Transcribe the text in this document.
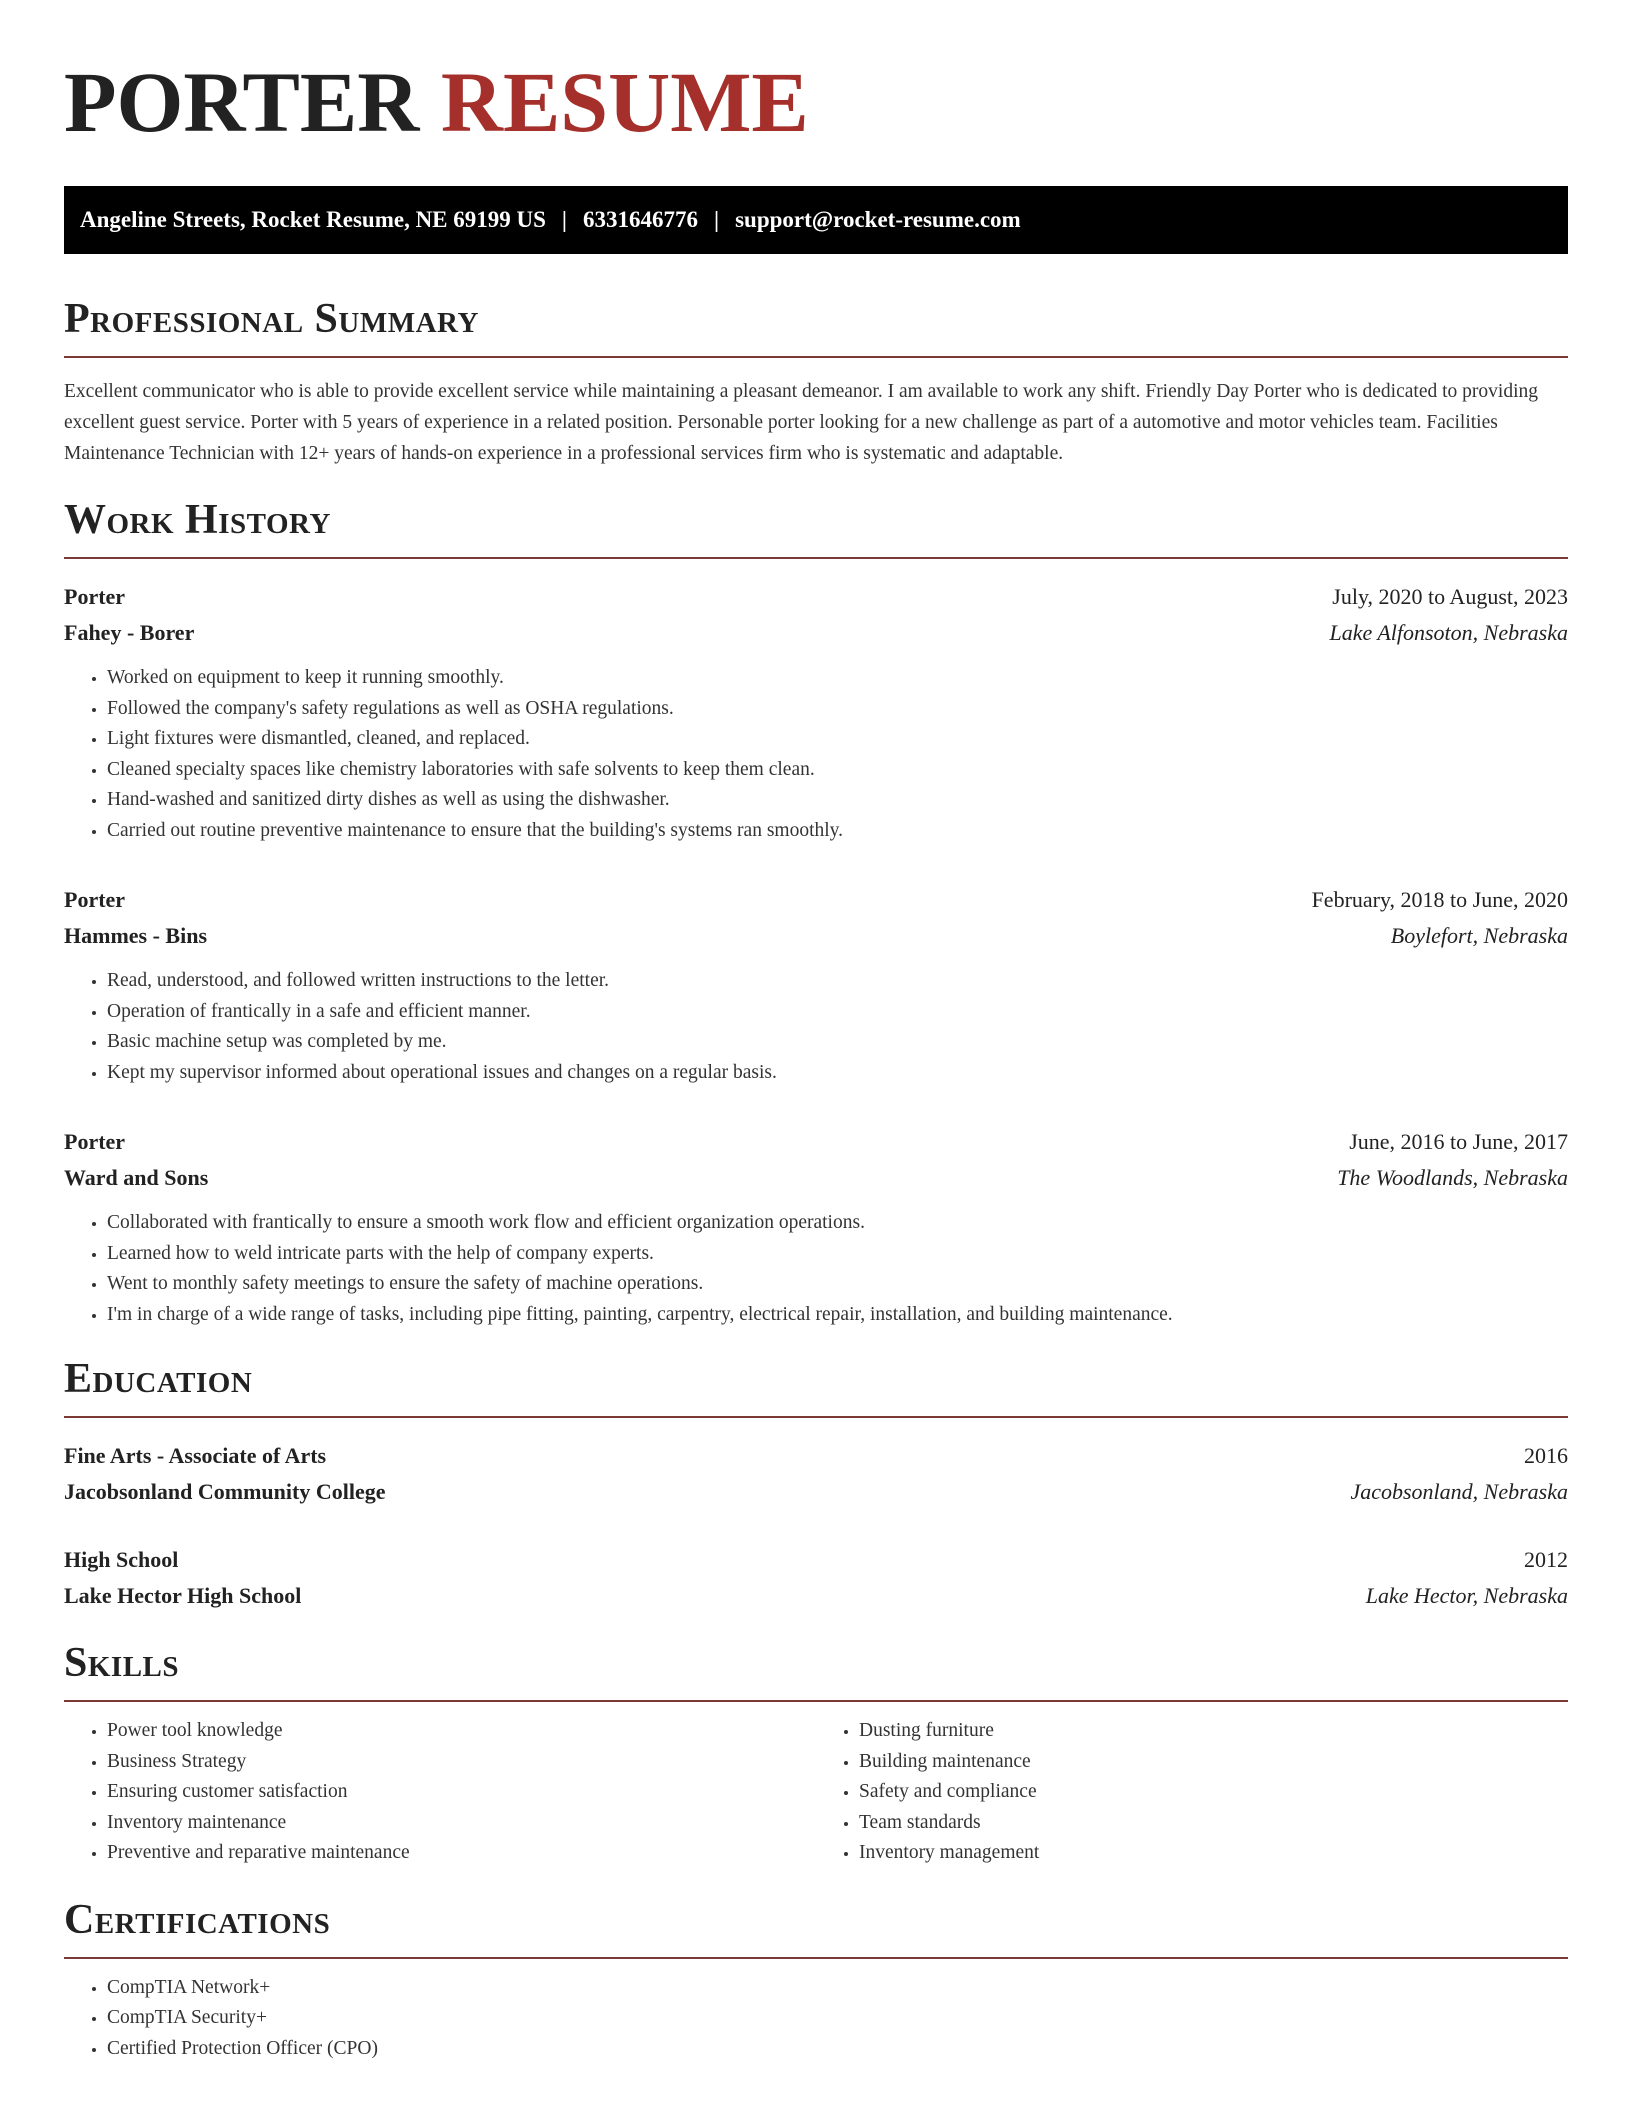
PORTER RESUME
Angeline Streets, Rocket Resume, NE 69199 US | 6331646776 | support@rocket-resume.com
Professional Summary

Excellent communicator who is able to provide excellent service while maintaining a pleasant demeanor. I am available to work any shift. Friendly Day Porter who is dedicated to providing excellent guest service. Porter with 5 years of experience in a related position. Personable porter looking for a new challenge as part of a automotive and motor vehicles team. Facilities Maintenance Technician with 12+ years of hands-on experience in a professional services firm who is systematic and adaptable.

Work History
Porter	July, 2020 to August, 2023
Fahey - Borer	Lake Alfonsoton, Nebraska
• Worked on equipment to keep it running smoothly.
• Followed the company's safety regulations as well as OSHA regulations.
• Light fixtures were dismantled, cleaned, and replaced.
• Cleaned specialty spaces like chemistry laboratories with safe solvents to keep them clean.
• Hand-washed and sanitized dirty dishes as well as using the dishwasher.
• Carried out routine preventive maintenance to ensure that the building's systems ran smoothly.
Porter	February, 2018 to June, 2020
Hammes - Bins	Boylefort, Nebraska
• Read, understood, and followed written instructions to the letter.
• Operation of frantically in a safe and efficient manner.
• Basic machine setup was completed by me.
• Kept my supervisor informed about operational issues and changes on a regular basis.
Porter	June, 2016 to June, 2017
Ward and Sons	The Woodlands, Nebraska
• Collaborated with frantically to ensure a smooth work flow and efficient organization operations.
• Learned how to weld intricate parts with the help of company experts.
• Went to monthly safety meetings to ensure the safety of machine operations.
• I'm in charge of a wide range of tasks, including pipe fitting, painting, carpentry, electrical repair, installation, and building maintenance.
Education
Fine Arts - Associate of Arts	2016
Jacobsonland Community College	Jacobsonland, Nebraska
High School	2012
Lake Hector High School	Lake Hector, Nebraska
Skills
• Power tool knowledge
• Business Strategy
• Ensuring customer satisfaction
• Inventory maintenance
• Preventive and reparative maintenance
• Dusting furniture
• Building maintenance
• Safety and compliance
• Team standards
• Inventory management
Certifications
• CompTIA Network+
• CompTIA Security+
• Certified Protection Officer (CPO)
